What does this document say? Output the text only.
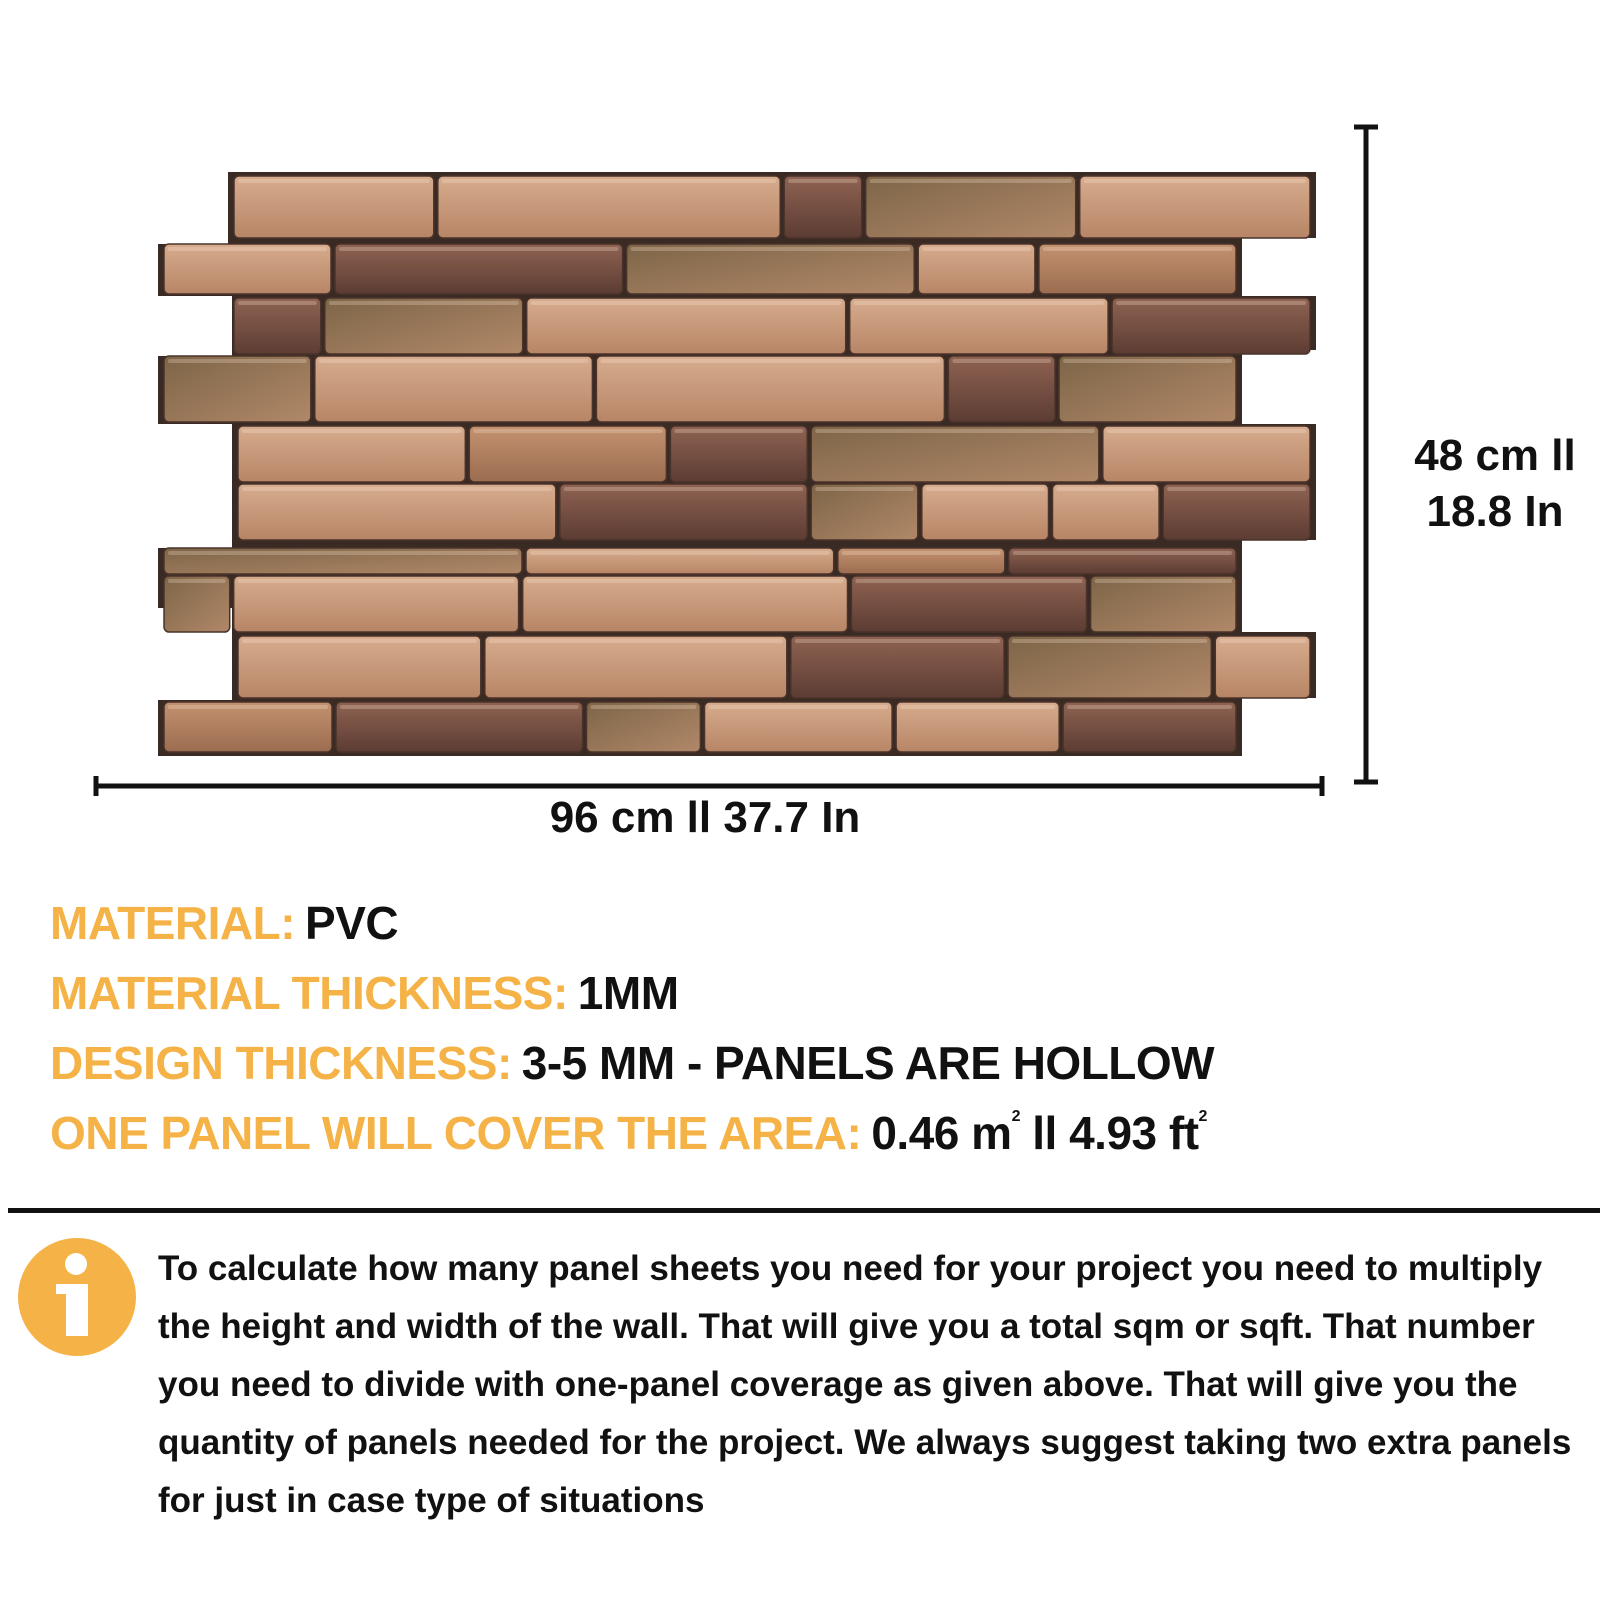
96 cm ll 37.7 In
48 cm ll
18.8 In
MATERIAL: PVC
MATERIAL THICKNESS: 1MM
DESIGN THICKNESS: 3-5 MM - PANELS ARE HOLLOW
ONE PANEL WILL COVER THE AREA: 0.46 $m^2$ ll 4.93 $ft^2$
To calculate how many panel sheets you need for your project you need to multiply the height and width of the wall. That will give you a total sqm or sqft. That number you need to divide with one-panel coverage as given above. That will give you the quantity of panels needed for the project. We always suggest taking two extra panels for just in case type of situations
